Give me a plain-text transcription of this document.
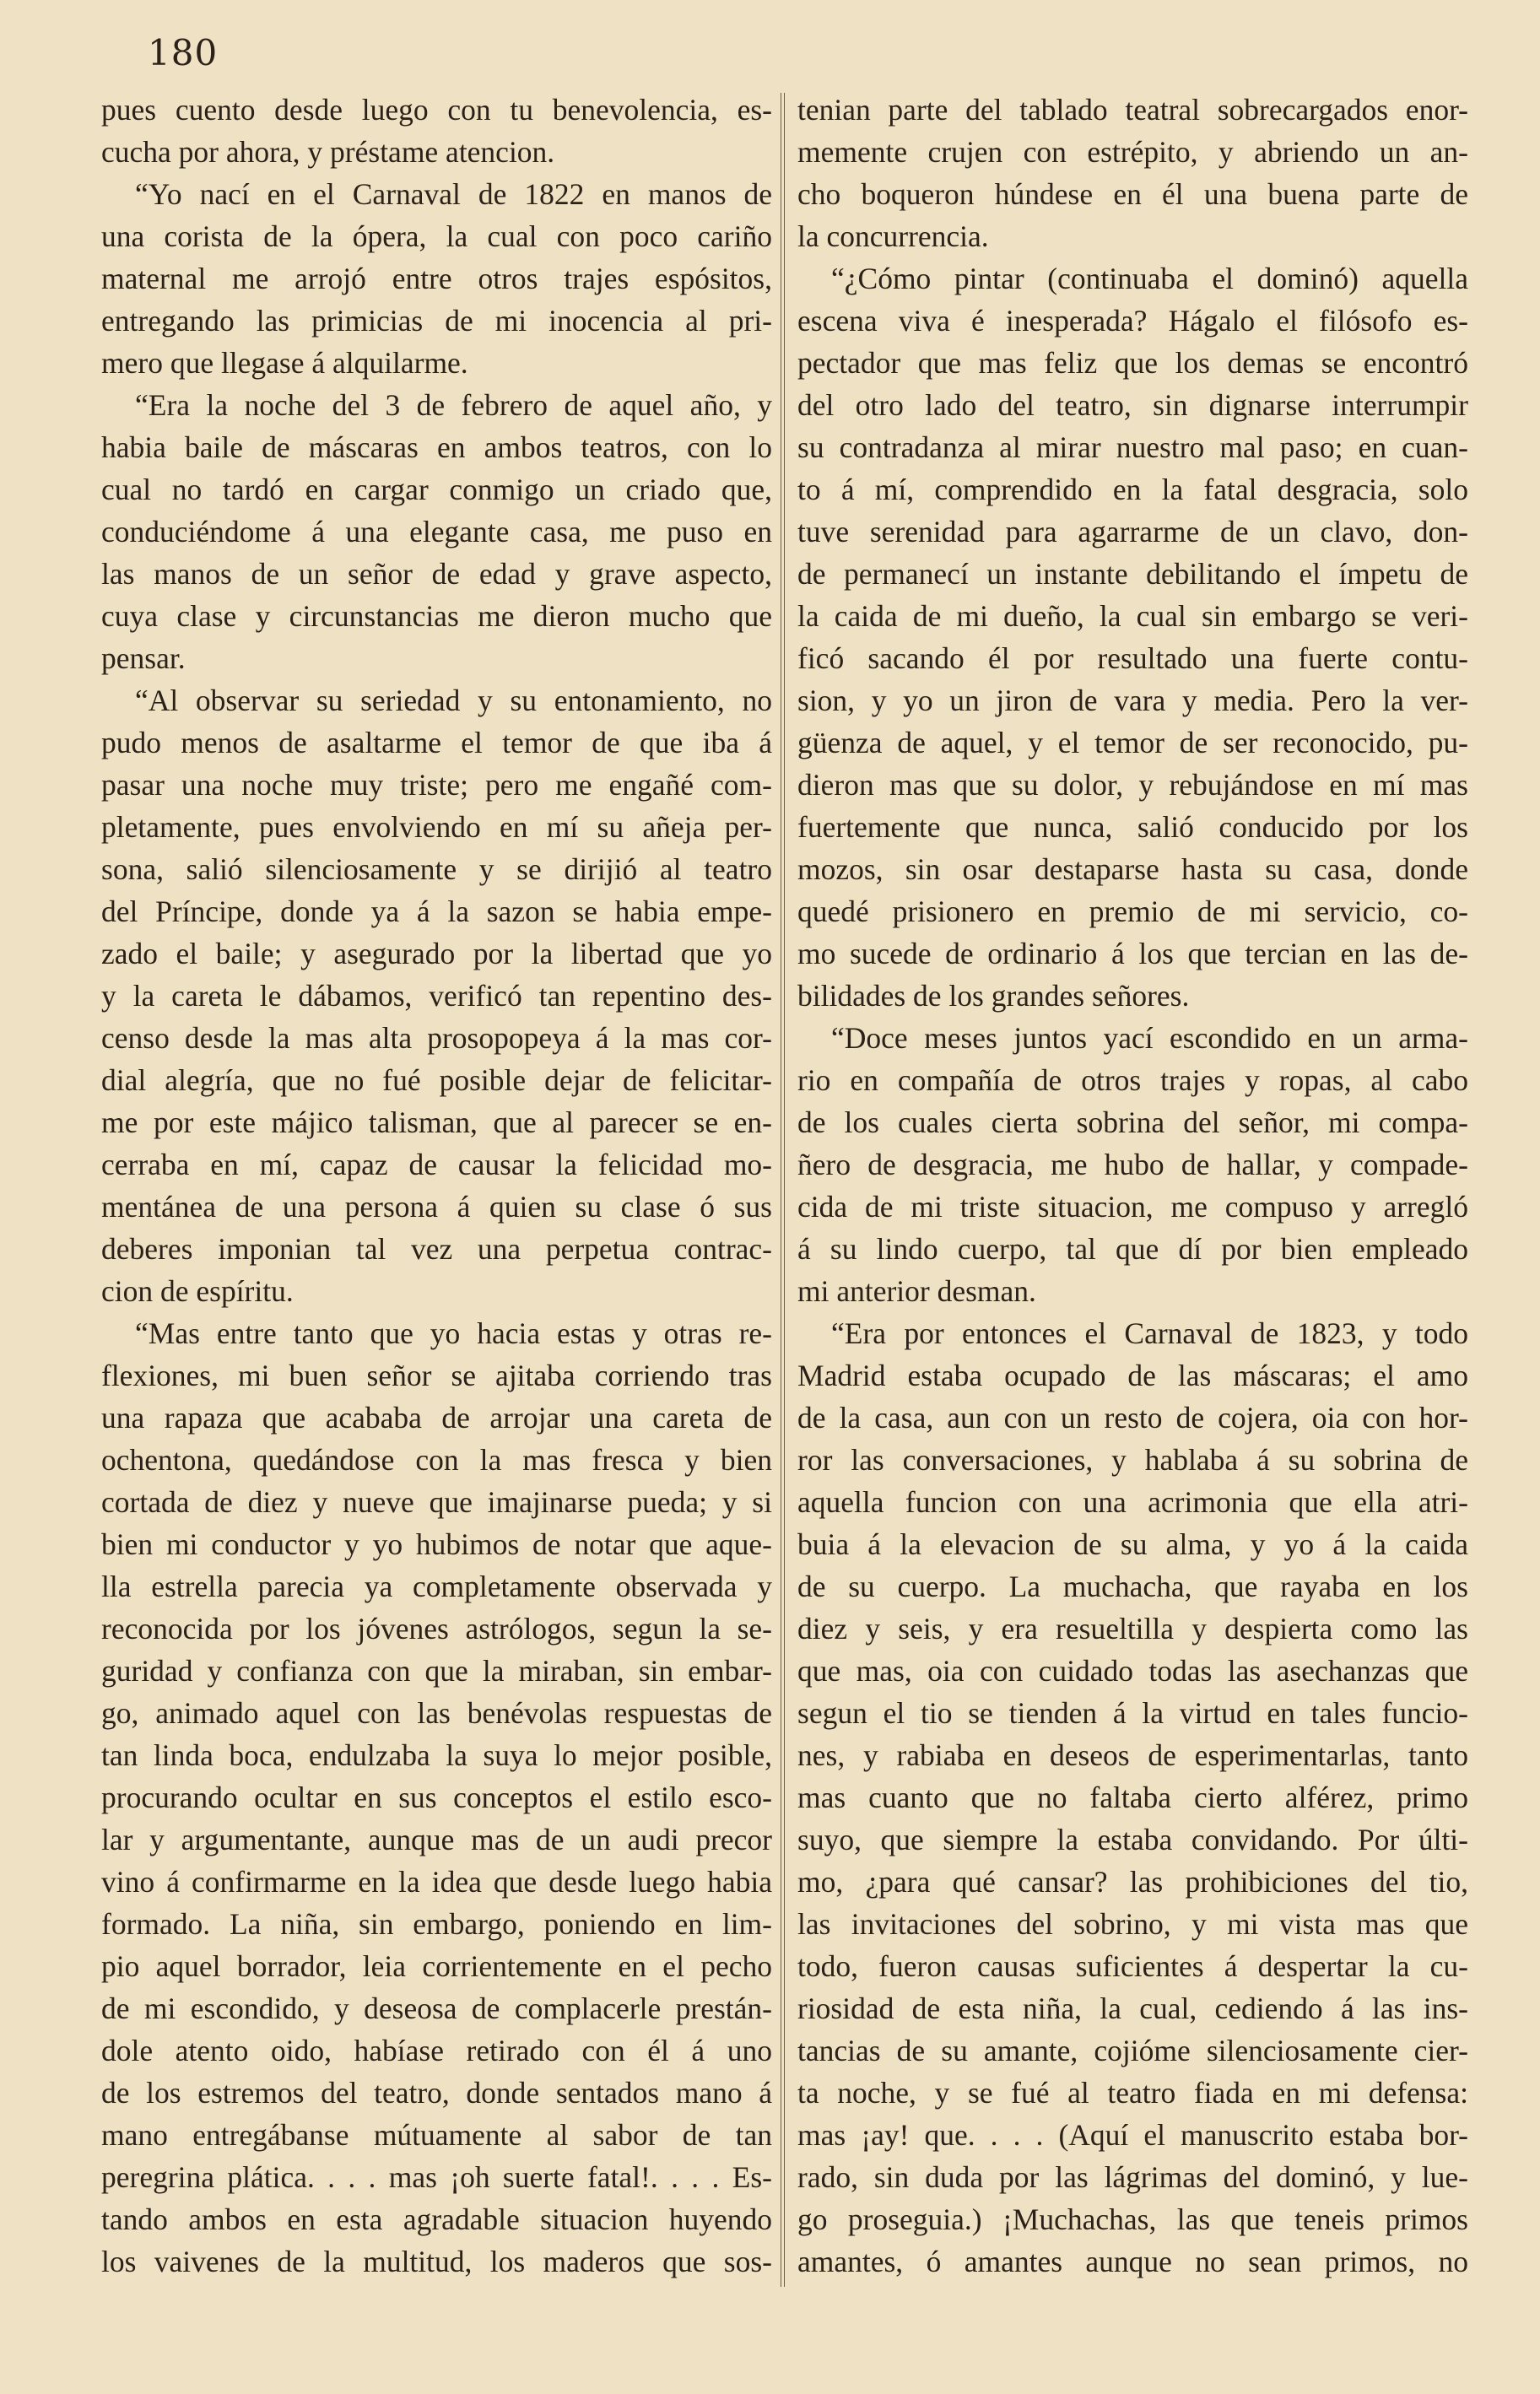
180
pues cuento desde luego con tu benevolencia, es-
cucha por ahora, y préstame atencion.
“Yo nací en el Carnaval de 1822 en manos de
una corista de la ópera, la cual con poco cariño
maternal me arrojó entre otros trajes espósitos,
entregando las primicias de mi inocencia al pri-
mero que llegase á alquilarme.
“Era la noche del 3 de febrero de aquel año, y
habia baile de máscaras en ambos teatros, con lo
cual no tardó en cargar conmigo un criado que,
conduciéndome á una elegante casa, me puso en
las manos de un señor de edad y grave aspecto,
cuya clase y circunstancias me dieron mucho que
pensar.
“Al observar su seriedad y su entonamiento, no
pudo menos de asaltarme el temor de que iba á
pasar una noche muy triste; pero me engañé com-
pletamente, pues envolviendo en mí su añeja per-
sona, salió silenciosamente y se dirijió al teatro
del Príncipe, donde ya á la sazon se habia empe-
zado el baile; y asegurado por la libertad que yo
y la careta le dábamos, verificó tan repentino des-
censo desde la mas alta prosopopeya á la mas cor-
dial alegría, que no fué posible dejar de felicitar-
me por este májico talisman, que al parecer se en-
cerraba en mí, capaz de causar la felicidad mo-
mentánea de una persona á quien su clase ó sus
deberes imponian tal vez una perpetua contrac-
cion de espíritu.
“Mas entre tanto que yo hacia estas y otras re-
flexiones, mi buen señor se ajitaba corriendo tras
una rapaza que acababa de arrojar una careta de
ochentona, quedándose con la mas fresca y bien
cortada de diez y nueve que imajinarse pueda; y si
bien mi conductor y yo hubimos de notar que aque-
lla estrella parecia ya completamente observada y
reconocida por los jóvenes astrólogos, segun la se-
guridad y confianza con que la miraban, sin embar-
go, animado aquel con las benévolas respuestas de
tan linda boca, endulzaba la suya lo mejor posible,
procurando ocultar en sus conceptos el estilo esco-
lar y argumentante, aunque mas de un audi precor
vino á confirmarme en la idea que desde luego habia
formado. La niña, sin embargo, poniendo en lim-
pio aquel borrador, leia corrientemente en el pecho
de mi escondido, y deseosa de complacerle prestán-
dole atento oido, habíase retirado con él á uno
de los estremos del teatro, donde sentados mano á
mano entregábanse mútuamente al sabor de tan
peregrina plática. . . . mas ¡oh suerte fatal!. . . . Es-
tando ambos en esta agradable situacion huyendo
los vaivenes de la multitud, los maderos que sos-
tenian parte del tablado teatral sobrecargados enor-
memente crujen con estrépito, y abriendo un an-
cho boqueron húndese en él una buena parte de
la concurrencia.
“¿Cómo pintar (continuaba el dominó) aquella
escena viva é inesperada? Hágalo el filósofo es-
pectador que mas feliz que los demas se encontró
del otro lado del teatro, sin dignarse interrumpir
su contradanza al mirar nuestro mal paso; en cuan-
to á mí, comprendido en la fatal desgracia, solo
tuve serenidad para agarrarme de un clavo, don-
de permanecí un instante debilitando el ímpetu de
la caida de mi dueño, la cual sin embargo se veri-
ficó sacando él por resultado una fuerte contu-
sion, y yo un jiron de vara y media. Pero la ver-
güenza de aquel, y el temor de ser reconocido, pu-
dieron mas que su dolor, y rebujándose en mí mas
fuertemente que nunca, salió conducido por los
mozos, sin osar destaparse hasta su casa, donde
quedé prisionero en premio de mi servicio, co-
mo sucede de ordinario á los que tercian en las de-
bilidades de los grandes señores.
“Doce meses juntos yací escondido en un arma-
rio en compañía de otros trajes y ropas, al cabo
de los cuales cierta sobrina del señor, mi compa-
ñero de desgracia, me hubo de hallar, y compade-
cida de mi triste situacion, me compuso y arregló
á su lindo cuerpo, tal que dí por bien empleado
mi anterior desman.
“Era por entonces el Carnaval de 1823, y todo
Madrid estaba ocupado de las máscaras; el amo
de la casa, aun con un resto de cojera, oia con hor-
ror las conversaciones, y hablaba á su sobrina de
aquella funcion con una acrimonia que ella atri-
buia á la elevacion de su alma, y yo á la caida
de su cuerpo. La muchacha, que rayaba en los
diez y seis, y era resueltilla y despierta como las
que mas, oia con cuidado todas las asechanzas que
segun el tio se tienden á la virtud en tales funcio-
nes, y rabiaba en deseos de esperimentarlas, tanto
mas cuanto que no faltaba cierto alférez, primo
suyo, que siempre la estaba convidando. Por últi-
mo, ¿para qué cansar? las prohibiciones del tio,
las invitaciones del sobrino, y mi vista mas que
todo, fueron causas suficientes á despertar la cu-
riosidad de esta niña, la cual, cediendo á las ins-
tancias de su amante, cojióme silenciosamente cier-
ta noche, y se fué al teatro fiada en mi defensa:
mas ¡ay! que. . . . (Aquí el manuscrito estaba bor-
rado, sin duda por las lágrimas del dominó, y lue-
go proseguia.) ¡Muchachas, las que teneis primos
amantes, ó amantes aunque no sean primos, no
